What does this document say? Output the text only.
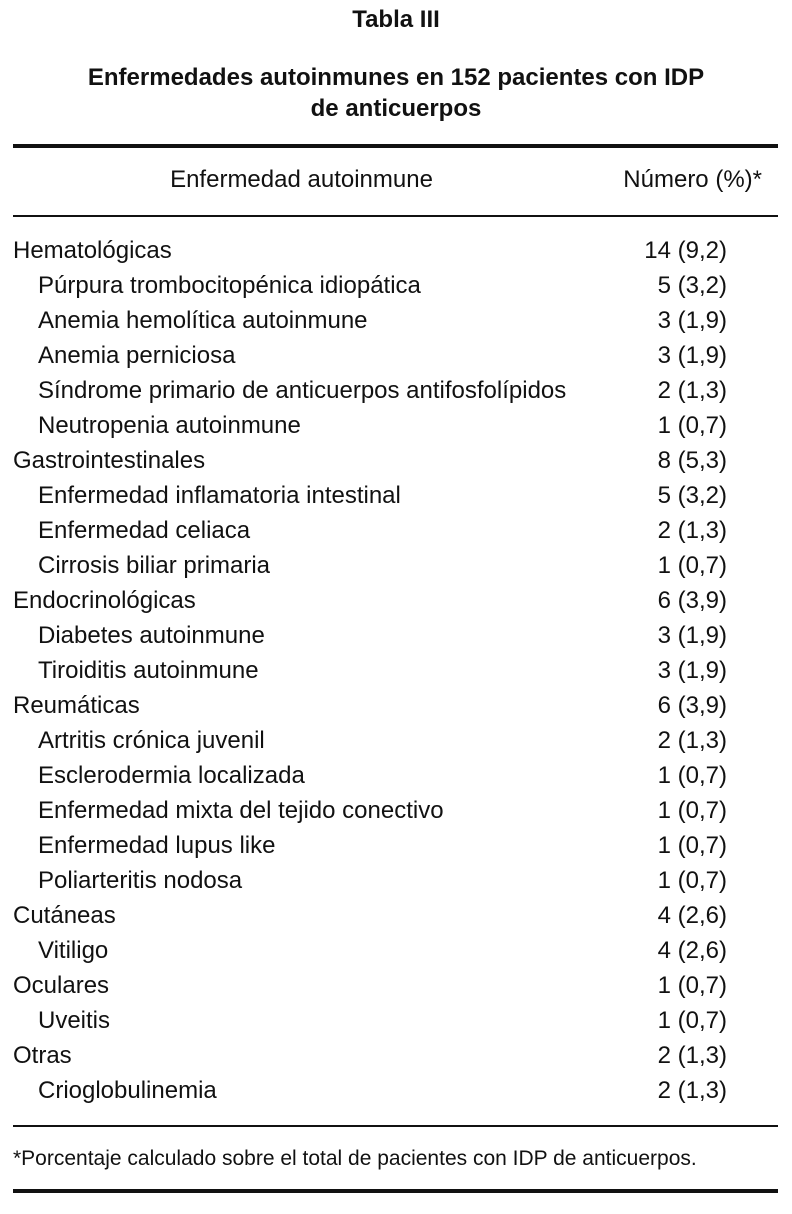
Tabla III
Enfermedades autoinmunes en 152 pacientes con IDP
de anticuerpos
Enfermedad autoinmune	Número (%)*
Hematológicas	14 (9,2)
Púrpura trombocitopénica idiopática	5 (3,2)
Anemia hemolítica autoinmune	3 (1,9)
Anemia perniciosa	3 (1,9)
Síndrome primario de anticuerpos antifosfolípidos	2 (1,3)
Neutropenia autoinmune	1 (0,7)
Gastrointestinales	8 (5,3)
Enfermedad inflamatoria intestinal	5 (3,2)
Enfermedad celiaca	2 (1,3)
Cirrosis biliar primaria	1 (0,7)
Endocrinológicas	6 (3,9)
Diabetes autoinmune	3 (1,9)
Tiroiditis autoinmune	3 (1,9)
Reumáticas	6 (3,9)
Artritis crónica juvenil	2 (1,3)
Esclerodermia localizada	1 (0,7)
Enfermedad mixta del tejido conectivo	1 (0,7)
Enfermedad lupus like	1 (0,7)
Poliarteritis nodosa	1 (0,7)
Cutáneas	4 (2,6)
Vitiligo	4 (2,6)
Oculares	1 (0,7)
Uveitis	1 (0,7)
Otras	2 (1,3)
Crioglobulinemia	2 (1,3)
*Porcentaje calculado sobre el total de pacientes con IDP de anticuerpos.
